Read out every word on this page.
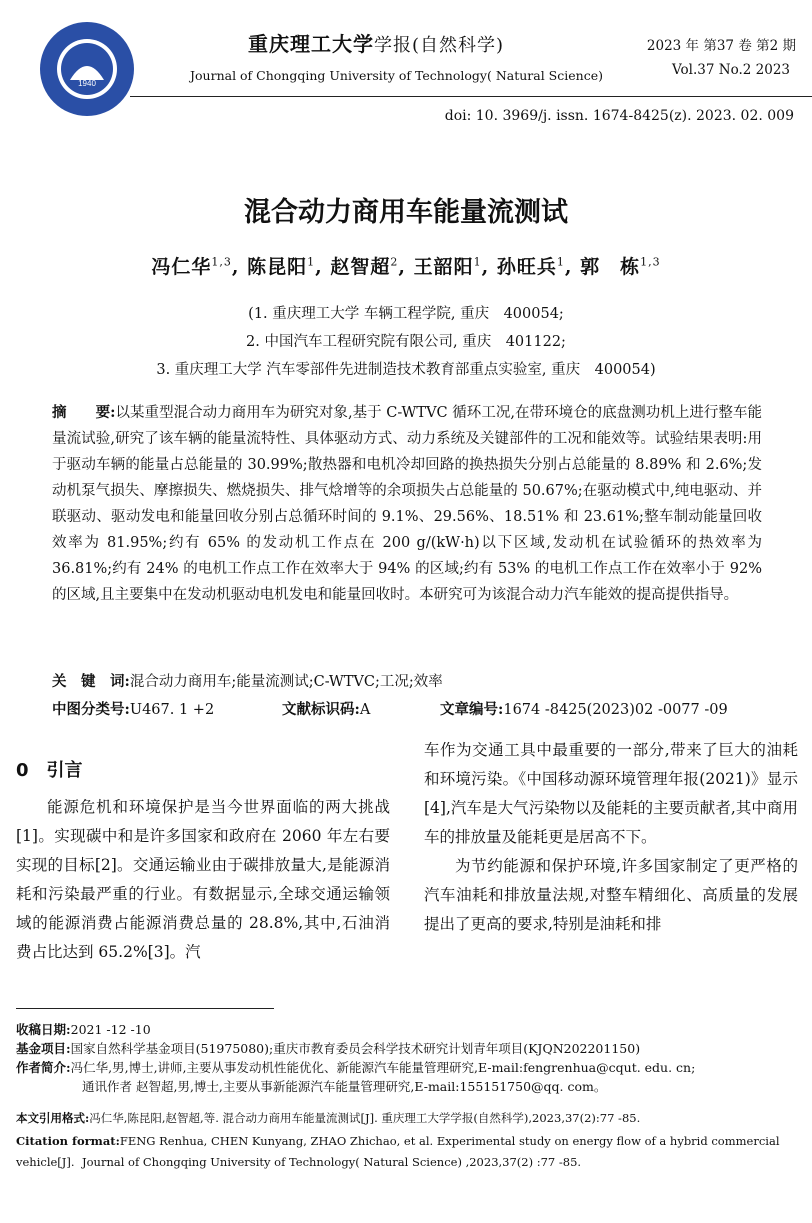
1940
重庆理工大学学报(自然科学)
Journal of Chongqing University of Technology( Natural Science)
2023 年 第37 卷 第2 期
Vol.37 No.2 2023
doi: 10. 3969/j. issn. 1674-8425(z). 2023. 02. 009
混合动力商用车能量流测试
冯仁华$^{1,3}$, 陈昆阳$^1$, 赵智超$^2$, 王韶阳$^1$, 孙旺兵$^1$, 郭　栋$^{1,3}$
(1. 重庆理工大学 车辆工程学院, 重庆　400054;
2. 中国汽车工程研究院有限公司, 重庆　401122;
3. 重庆理工大学 汽车零部件先进制造技术教育部重点实验室, 重庆　400054)
摘　　要:以某重型混合动力商用车为研究对象,基于 C-WTVC 循环工况,在带环境仓的底盘测功机上进行整车能量流试验,研究了该车辆的能量流特性、具体驱动方式、动力系统及关键部件的工况和能效等。试验结果表明:用于驱动车辆的能量占总能量的 30.99%;散热器和电机冷却回路的换热损失分别占总能量的 8.89% 和 2.6%;发动机泵气损失、摩擦损失、燃烧损失、排气焓增等的余项损失占总能量的 50.67%;在驱动模式中,纯电驱动、并联驱动、驱动发电和能量回收分别占总循环时间的 9.1%、29.56%、18.51% 和 23.61%;整车制动能量回收效率为 81.95%;约有 65% 的发动机工作点在 200 g/(kW·h)以下区域,发动机在试验循环的热效率为 36.81%;约有 24% 的电机工作点工作在效率大于 94% 的区域;约有 53% 的电机工作点工作在效率小于 92% 的区域,且主要集中在发动机驱动电机发电和能量回收时。本研究可为该混合动力汽车能效的提高提供指导。
关　键　词:混合动力商用车;能量流测试;C-WTVC;工况;效率
中图分类号:U467. 1 +2	文献标识码:A	文章编号:1674 -8425(2023)02 -0077 -09
0　引言

能源危机和环境保护是当今世界面临的两大挑战[1]。实现碳中和是许多国家和政府在 2060 年左右要实现的目标[2]。交通运输业由于碳排放量大,是能源消耗和污染最严重的行业。有数据显示,全球交通运输领域的能源消费占能源消费总量的 28.8%,其中,石油消费占比达到 65.2%[3]。汽

车作为交通工具中最重要的一部分,带来了巨大的油耗和环境污染。《中国移动源环境管理年报(2021)》显示[4],汽车是大气污染物以及能耗的主要贡献者,其中商用车的排放量及能耗更是居高不下。

为节约能源和保护环境,许多国家制定了更严格的汽车油耗和排放量法规,对整车精细化、高质量的发展提出了更高的要求,特别是油耗和排

收稿日期:2021 -12 -10
基金项目:国家自然科学基金项目(51975080);重庆市教育委员会科学技术研究计划青年项目(KJQN202201150)
作者简介:冯仁华,男,博士,讲师,主要从事发动机性能优化、新能源汽车能量管理研究,E-mail:fengrenhua@cqut. edu. cn;
通讯作者 赵智超,男,博士,主要从事新能源汽车能量管理研究,E-mail:155151750@qq. com。
本文引用格式:冯仁华,陈昆阳,赵智超,等. 混合动力商用车能量流测试[J]. 重庆理工大学学报(自然科学),2023,37(2):77 -85.
Citation format:FENG Renhua, CHEN Kunyang, ZHAO Zhichao, et al. Experimental study on energy flow of a hybrid commercial vehicle[J]. Journal of Chongqing University of Technology( Natural Science) ,2023,37(2) :77 -85.
